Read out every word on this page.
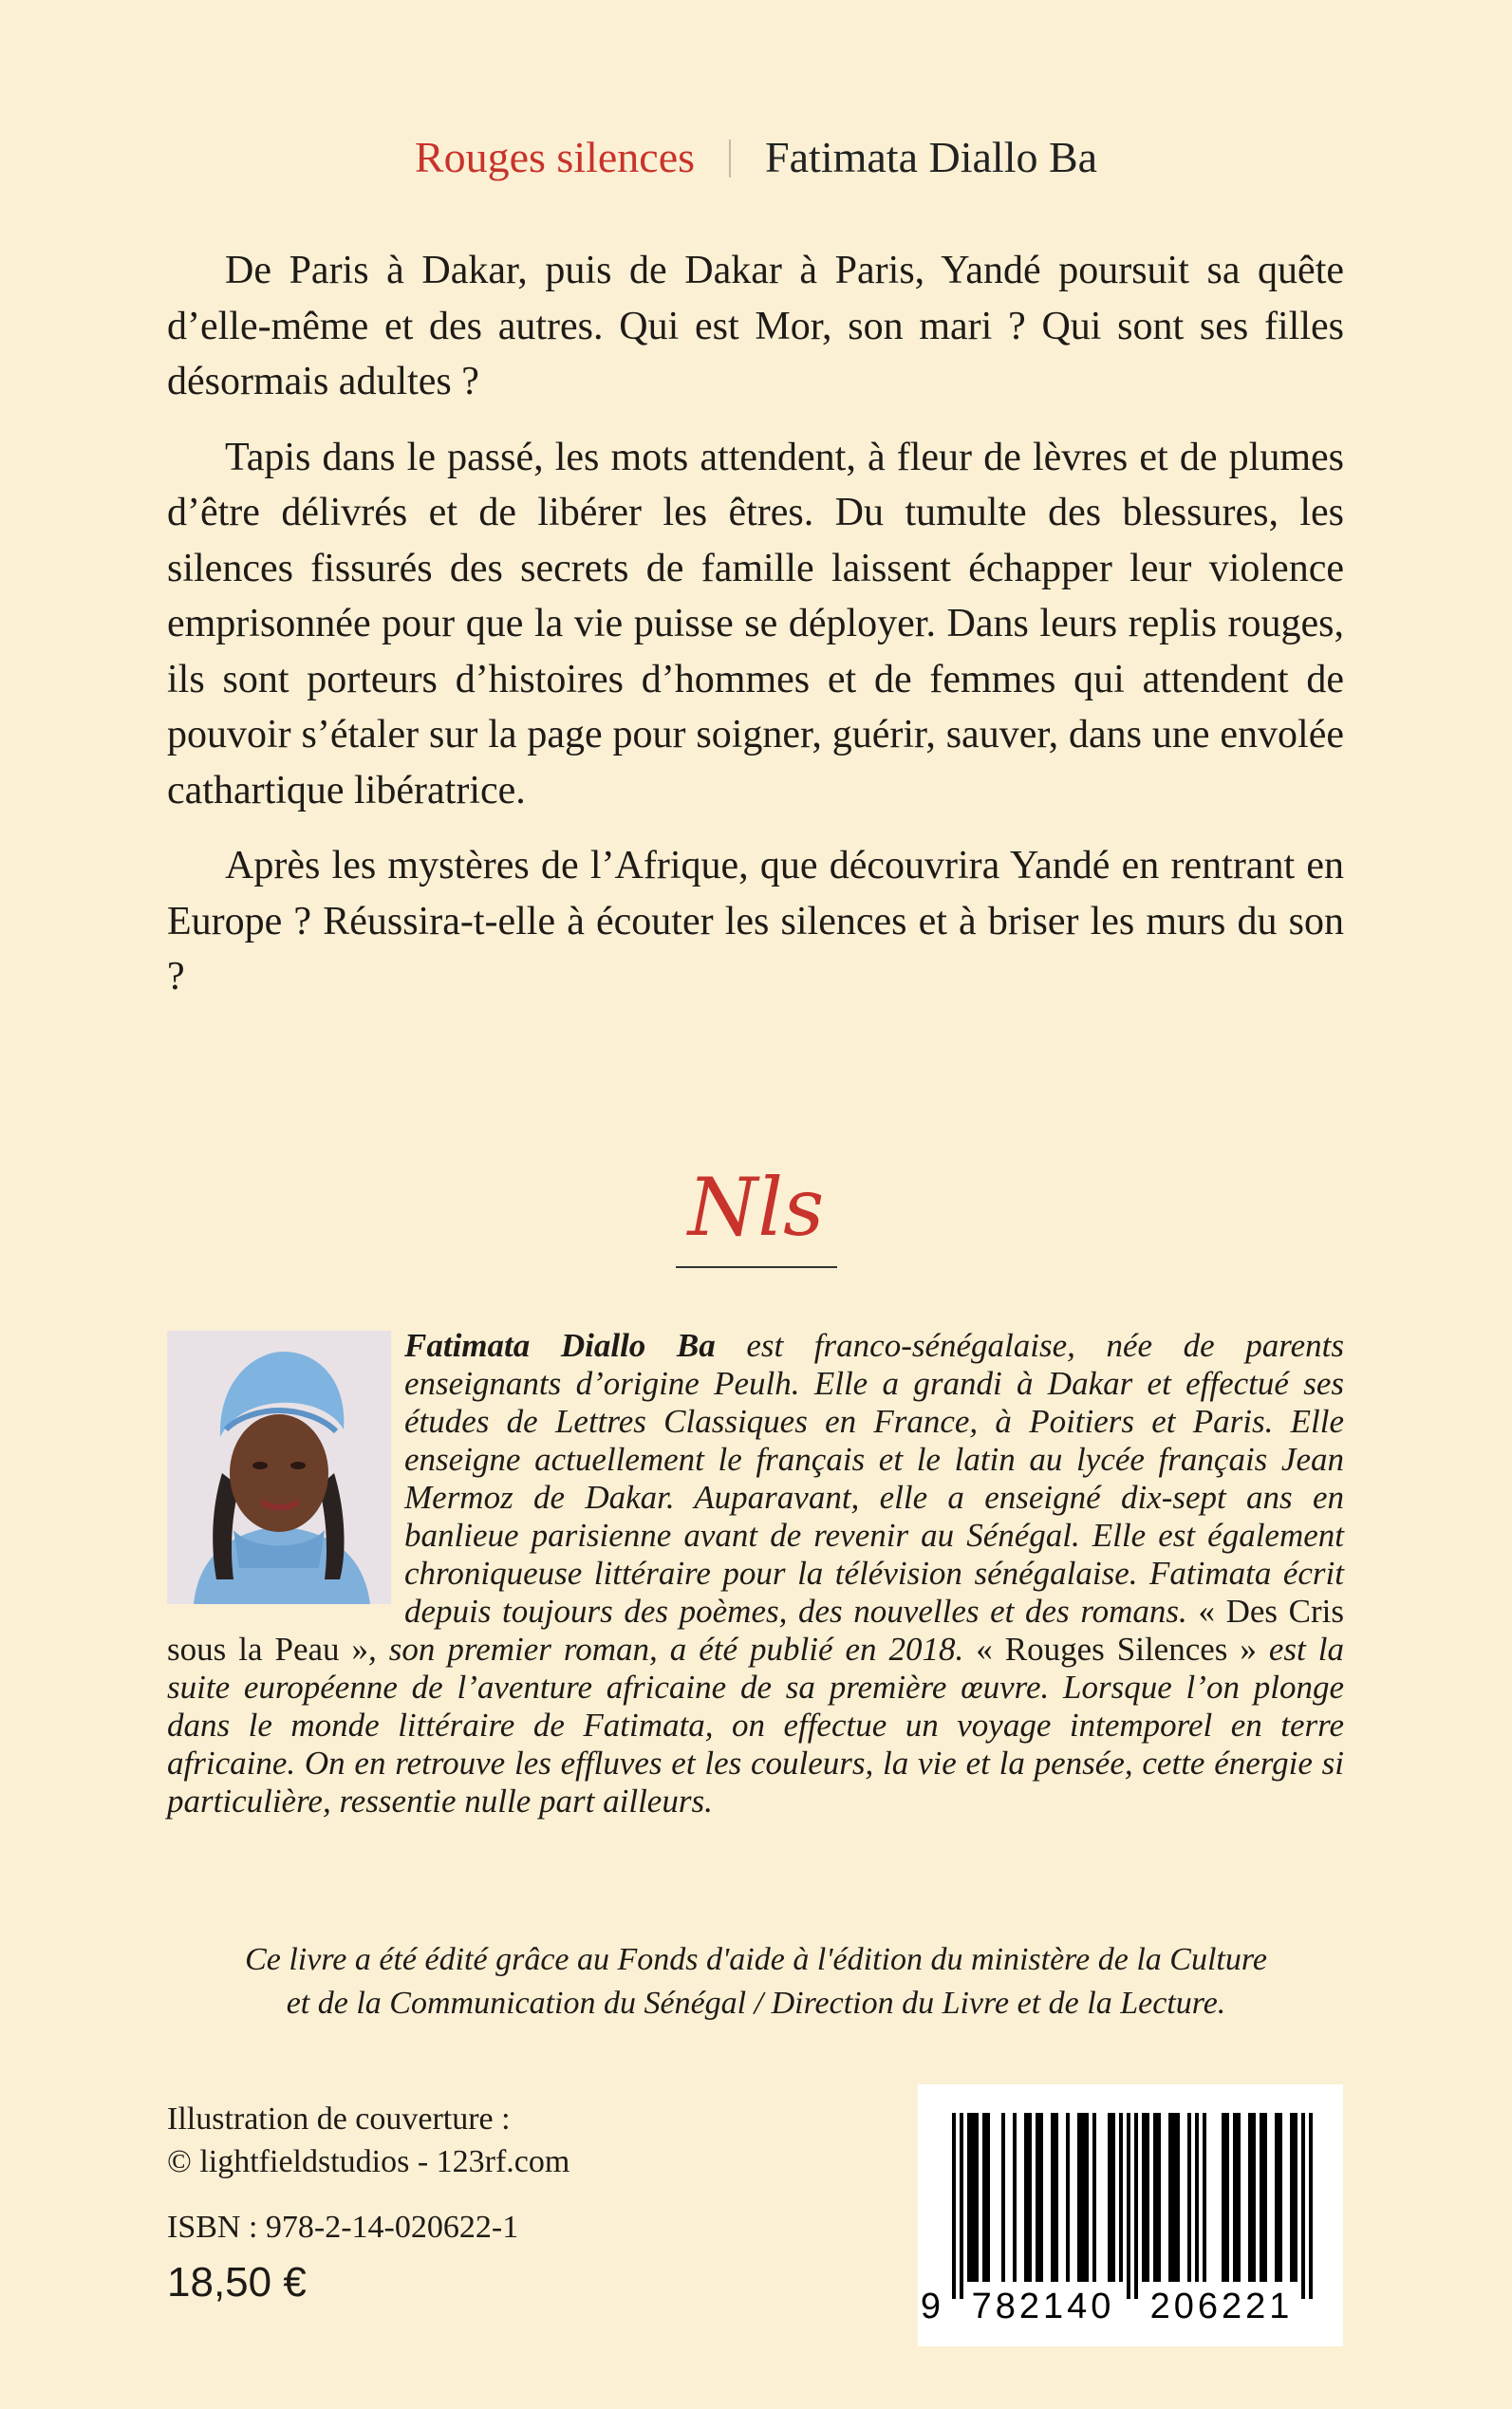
Rouges silences Fatimata Diallo Ba

De Paris à Dakar, puis de Dakar à Paris, Yandé poursuit sa quête d’elle-même et des autres. Qui est Mor, son mari ? Qui sont ses filles désormais adultes ?

Tapis dans le passé, les mots attendent, à fleur de lèvres et de plumes d’être délivrés et de libérer les êtres. Du tumulte des blessures, les silences fissurés des secrets de famille laissent échapper leur violence emprisonnée pour que la vie puisse se déployer. Dans leurs replis rouges, ils sont porteurs d’histoires d’hommes et de femmes qui attendent de pouvoir s’étaler sur la page pour soigner, guérir, sauver, dans une envolée cathartique libératrice.

Après les mystères de l’Afrique, que découvrira Yandé en rentrant en Europe ? Réussira-t-elle à écouter les silences et à briser les murs du son ?

Nls
Fatimata Diallo Ba est franco-sénégalaise, née de parents enseignants d’origine Peulh. Elle a grandi à Dakar et effectué ses études de Lettres Classiques en France, à Poitiers et Paris. Elle enseigne actuellement le français et le latin au lycée français Jean Mermoz de Dakar. Auparavant, elle a enseigné dix-sept ans en banlieue parisienne avant de revenir au Sénégal. Elle est également chroniqueuse littéraire pour la télévision sénégalaise. Fatimata écrit depuis toujours des poèmes, des nouvelles et des romans. « Des Cris sous la Peau », son premier roman, a été publié en 2018. « Rouges Silences » est la suite européenne de l’aventure africaine de sa première œuvre. Lorsque l’on plonge dans le monde littéraire de Fatimata, on effectue un voyage intemporel en terre africaine. On en retrouve les effluves et les couleurs, la vie et la pensée, cette énergie si particulière, ressentie nulle part ailleurs.
Ce livre a été édité grâce au Fonds d'aide à l'édition du ministère de la Culture
et de la Communication du Sénégal / Direction du Livre et de la Lecture.
Illustration de couverture :
© lightfieldstudios - 123rf.com
ISBN : 978-2-14-020622-1
18,50 €
9 782140 206221
